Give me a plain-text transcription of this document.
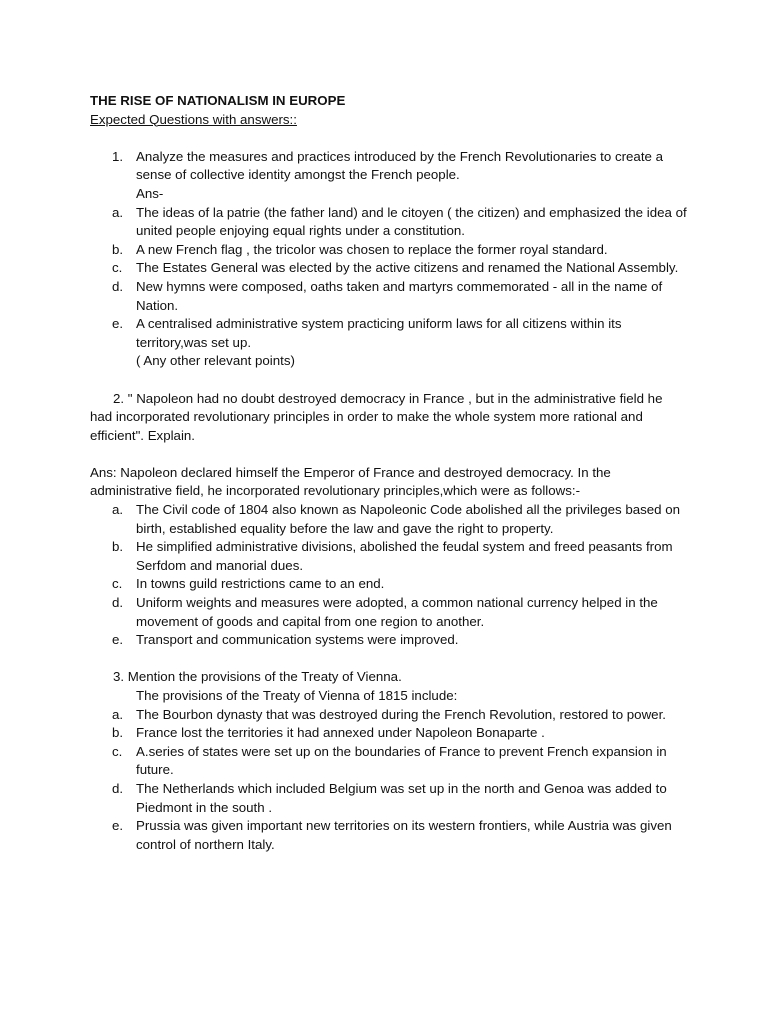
THE RISE OF NATIONALISM IN EUROPE

Expected Questions with answers::

1. Analyze the measures and practices introduced by the French Revolutionaries to create a sense of collective identity amongst the French people.

Ans-

a. The ideas of la patrie (the father land) and le citoyen ( the citizen) and emphasized the idea of united people enjoying equal rights under a constitution.
b. A new French flag , the tricolor was chosen to replace the former royal standard.
c.	The Estates General was elected by the active citizens and renamed the National Assembly.
d. New hymns were composed, oaths taken and martyrs commemorated - all in the name of Nation.
e. A centralised administrative system practicing uniform laws for all citizens within its territory,was set up.

( Any other relevant points)

2. " Napoleon had no doubt destroyed democracy in France , but in the administrative field he had incorporated revolutionary principles in order to make the whole system more rational and efficient". Explain.

Ans: Napoleon declared himself the Emperor of France and destroyed democracy. In the administrative field, he incorporated revolutionary principles,which were as follows:-

a. The Civil code of 1804 also known as Napoleonic Code abolished all the privileges based on birth, established equality before the law and gave the right to property.
b. He simplified administrative divisions, abolished the feudal system and freed peasants from Serfdom and manorial dues.
c.	In towns guild restrictions came to an end.
d. Uniform weights and measures were adopted, a common national currency helped in the movement of goods and capital from one region to another.
e. Transport and communication systems were improved.

3. Mention the provisions of the Treaty of Vienna.

The provisions of the Treaty of Vienna of 1815 include:

a. The Bourbon dynasty that was destroyed during the French Revolution, restored to power.
b. France lost the territories it had annexed under Napoleon Bonaparte .
c.	A.series of states were set up on the boundaries of France to prevent French expansion in future.
d. The Netherlands which included Belgium was set up in the north and Genoa was added to Piedmont in the south .
e. Prussia was given important new territories on its western frontiers, while Austria was given control of northern Italy.
